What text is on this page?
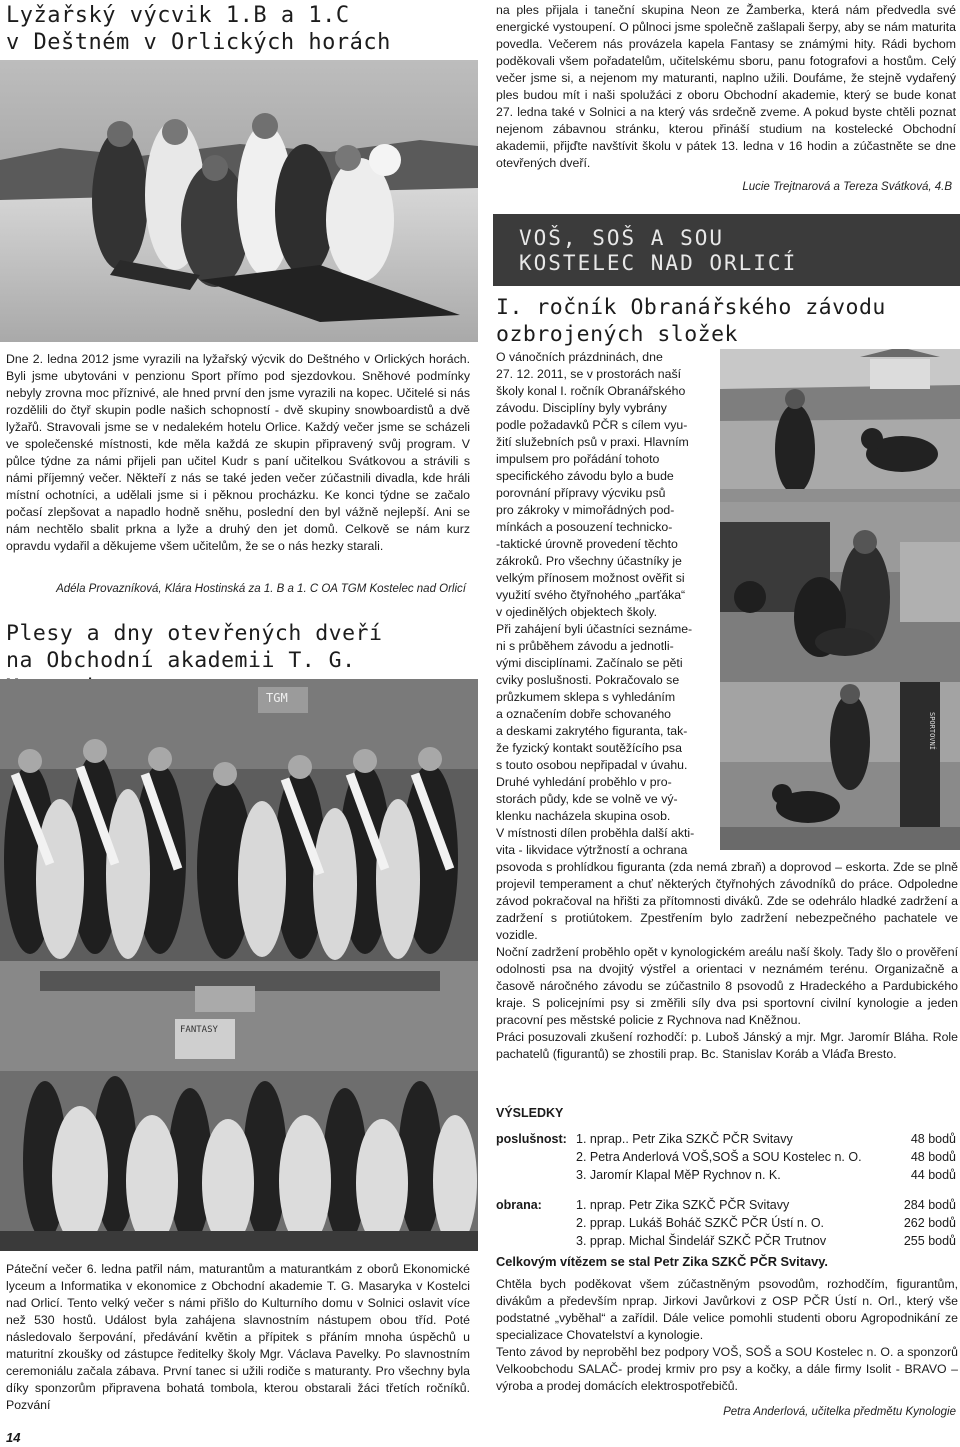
Lyžařský výcvik 1.B a 1.C
v Deštném v Orlických horách

Dne 2. ledna 2012 jsme vyrazili na lyžařský výcvik do Deštného v Orlických horách. Byli jsme ubytováni v penzionu Sport přímo pod sjezdovkou. Sněhové podmínky nebyly zrovna moc příznivé, ale hned první den jsme vyrazili na kopec. Učitelé si nás rozdělili do čtyř skupin podle našich schopností - dvě skupiny snowboardistů a dvě lyžařů. Stravovali jsme se v nedalekém hotelu Orlice. Každý večer jsme se scházeli ve společenské místnosti, kde měla každá ze skupin připravený svůj program. V půlce týdne za námi přijeli pan učitel Kudr s paní učitelkou Svátkovou a strávili s námi příjemný večer. Někteří z nás se také jeden večer zúčastnili divadla, kde hráli místní ochotníci, a udělali jsme si i pěknou procházku. Ke konci týdne se začalo počasí zlepšovat a napadlo hodně sněhu, poslední den byl vážně nejlepší. Ani se nám nechtělo sbalit prkna a lyže a druhý den jet domů. Celkově se nám kurz opravdu vydařil a děkujeme všem učitelům, že se o nás hezky starali.

Adéla Provazníková, Klára Hostinská za 1. B a 1. C OA TGM Kostelec nad Orlicí
Plesy a dny otevřených dveří
na Obchodní akademii T. G.
TGM
FANTASY

Páteční večer 6. ledna patřil nám, maturantům a maturantkám z oborů Ekonomické lyceum a Informatika v ekonomice z Obchodní akademie T. G. Masaryka v Kostelci nad Orlicí. Tento velký večer s námi přišlo do Kulturního domu v Solnici oslavit více než 530 hostů. Událost byla zahájena slavnostním nástupem obou tříd. Poté následovalo šerpování, předávání květin a přípitek s přáním mnoha úspěchů u maturitní zkoušky od zástupce ředitelky školy Mgr. Václava Pavelky. Po slavnostním ceremoniálu začala zábava. První tanec si užili rodiče s maturanty. Pro všechny byla díky sponzorům připravena bohatá tombola, kterou obstarali žáci třetích ročníků. Pozvání

14

na ples přijala i taneční skupina Neon ze Žamberka, která nám předvedla své energické vystoupení. O půlnoci jsme společně zašlapali šerpy, aby se nám maturita povedla. Večerem nás provázela kapela Fantasy se známými hity. Rádi bychom poděkovali všem pořadatelům, učitelskému sboru, panu fotografovi a hostům. Celý večer jsme si, a nejenom my maturanti, naplno užili. Doufáme, že stejně vydařený ples budou mít i naši spolužáci z oboru Obchodní akademie, který se bude konat 27. ledna také v Solnici a na který vás srdečně zveme. A pokud byste chtěli poznat nejenom zábavnou stránku, kterou přináší studium na kostelecké Obchodní akademii, přijďte navštívit školu v pátek 13. ledna v 16 hodin a zúčastněte se dne otevřených dveří.

Lucie Trejtnarová a Tereza Svátková, 4.B
VOŠ, SOŠ A SOU
KOSTELEC NAD ORLICÍ
I. ročník Obranářského závodu
ozbrojených složek
O vánočních prázdninách, dne
27. 12. 2011, se v prostorách naší
školy konal I. ročník Obranářského
závodu. Disciplíny byly vybrány
podle požadavků PČR s cílem vyu-
žití služebních psů v praxi. Hlavním
impulsem pro pořádání tohoto
specifického závodu bylo a bude
porovnání přípravy výcviku psů
pro zákroky v mimořádných pod-
mínkách a posouzení technicko-
-taktické úrovně provedení těchto
zákroků. Pro všechny účastníky je
velkým přínosem možnost ověřit si
využití svého čtyřnohého „parťáka“
v ojedinělých objektech školy.
Při zahájení byli účastníci seznáme-
ni s průběhem závodu a jednotli-
vými disciplínami. Začínalo se pěti
cviky poslušnosti. Pokračovalo se
průzkumem sklepa s vyhledáním
a označením dobře schovaného
a deskami zakrytého figuranta, tak-
že fyzický kontakt soutěžícího psa
s touto osobou nepřipadal v úvahu.
Druhé vyhledání proběhlo v pro-
storách půdy, kde se volně ve vý-
klenku nacházela skupina osob.
V místnosti dílen proběhla další akti-
vita - likvidace výtržností a ochrana
SPORTOVNÍ

psovoda s prohlídkou figuranta (zda nemá zbraň) a doprovod – eskorta. Zde se plně projevil temperament a chuť některých čtyřnohých závodníků do práce. Odpoledne závod pokračoval na hřišti za přítomnosti diváků. Zde se odehrálo hladké zadržení a zadržení s protiútokem. Zpestřením bylo zadržení nebezpečného pachatele ve vozidle.

Noční zadržení proběhlo opět v kynologickém areálu naší školy. Tady šlo o prověření odolnosti psa na dvojitý výstřel a orientaci v neznámém terénu. Organizačně a časově náročného závodu se zúčastnilo 8 psovodů z Hradeckého a Pardubického kraje. S policejními psy si změřili síly dva psi sportovní civilní kynologie a jeden pracovní pes městské policie z Rychnova nad Kněžnou.

Práci posuzovali zkušení rozhodčí: p. Luboš Jánský a mjr. Mgr. Jaromír Bláha. Role pachatelů (figurantů) se zhostili prap. Bc. Stanislav Koráb a Vláďa Bresto.

VÝSLEDKY
poslušnost: 1. nprap.. Petr Zika SZKČ PČR Svitavy	48 bodů
2. Petra Anderlová VOŠ,SOŠ a SOU Kostelec n. O.	48 bodů
3. Jaromír Klapal MěP Rychnov n. K.	44 bodů
obrana:	1. nprap. Petr Zika SZKČ PČR Svitavy	284 bodů
2. pprap. Lukáš Boháč SZKČ PČR Ústí n. O.	262 bodů
3. pprap. Michal Šindelář SZKČ PČR Trutnov	255 bodů
Celkovým vítězem se stal Petr Zika SZKČ PČR Svitavy.

Chtěla bych poděkovat všem zúčastněným psovodům, rozhodčím, figurantům, divákům a především nprap. Jirkovi Javůrkovi z OSP PČR Ústí n. Orl., který vše podstatné „vyběhal“ a zařídil. Dále velice pomohli studenti oboru Agropodnikání ze specializace Chovatelství a kynologie.

Tento závod by neproběhl bez podpory VOŠ, SOŠ a SOU Kostelec n. O. a sponzorů Velkoobchodu SALAČ- prodej krmiv pro psy a kočky, a dále firmy Isolit - BRAVO – výroba a prodej domácích elektrospotřebičů.

Petra Anderlová, učitelka předmětu Kynologie
